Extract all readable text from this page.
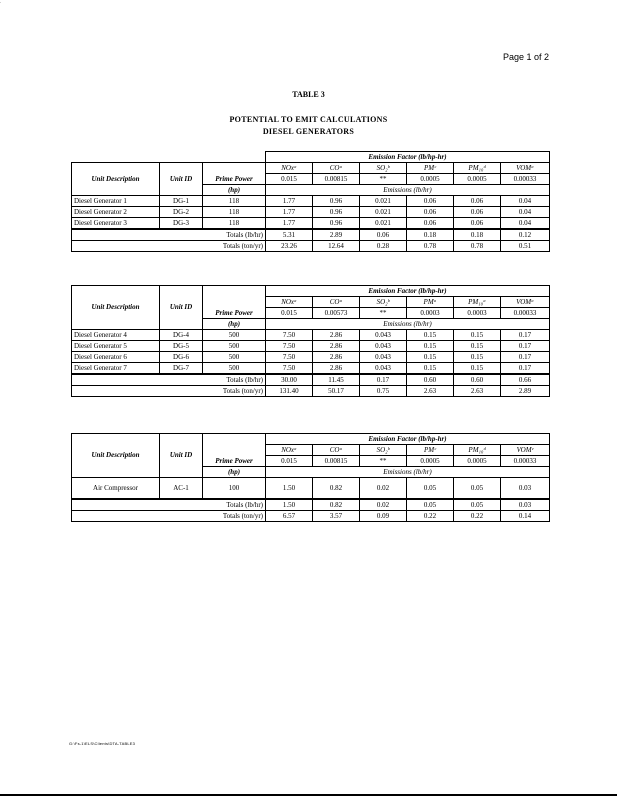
·
Page 1 of 2
TABLE 3
POTENTIAL TO EMIT CALCULATIONS
DIESEL GENERATORS
			Emission Factor (lb/hp-hr)					
Unit Description	Unit ID	Prime Power	NOxᵃ	COᵃ	SO₂ᵇ	PMᶜ	PM₁₀ᵈ	VOMᵃ
			0.015	0.00815	**	0.0005	0.0005	0.00033
		(hp)	Emissions (lb/hr)					
Diesel Generator 1	DG-1	118	1.77	0.96	0.021	0.06	0.06	0.04
Diesel Generator 2	DG-2	118	1.77	0.96	0.021	0.06	0.06	0.04
Diesel Generator 3	DG-3	118	1.77	0.96	0.021	0.06	0.06	0.04
Totals (lb/hr)			5.31	2.89	0.06	0.18	0.18	0.12
Totals (ton/yr)			23.26	12.64	0.28	0.78	0.78	0.51
Unit Description	Unit ID	Prime Power	Emission Factor (lb/hp-hr)					
			NOxᵃ	COᵃ	SO₂ᵇ	PMᵃ	PM₁₀ᵃ	VOMᵃ
			0.015	0.00573	**	0.0003	0.0003	0.00033
		(hp)	Emissions (lb/hr)					
Diesel Generator 4	DG-4	500	7.50	2.86	0.043	0.15	0.15	0.17
Diesel Generator 5	DG-5	500	7.50	2.86	0.043	0.15	0.15	0.17
Diesel Generator 6	DG-6	500	7.50	2.86	0.043	0.15	0.15	0.17
Diesel Generator 7	DG-7	500	7.50	2.86	0.043	0.15	0.15	0.17
Totals (lb/hr)			30.00	11.45	0.17	0.60	0.60	0.66
Totals (ton/yr)			131.40	50.17	0.75	2.63	2.63	2.89
Unit Description	Unit ID	Prime Power	Emission Factor (lb/hp-hr)					
			NOxᵃ	COᵃ	SO₂ᵇ	PMᶜ	PM₁₀ᵈ	VOMᵉ
			0.015	0.00815	**	0.0005	0.0005	0.00033
		(hp)	Emissions (lb/hr)					
Air Compressor	AC-1	100	1.50	0.82	0.02	0.05	0.05	0.03
Totals (lb/hr)			1.50	0.82	0.02	0.05	0.05	0.03
Totals (ton/yr)			6.57	3.57	0.09	0.22	0.22	0.14
G:\Fs-1\ELS\Clients\DTA-TABLE3
